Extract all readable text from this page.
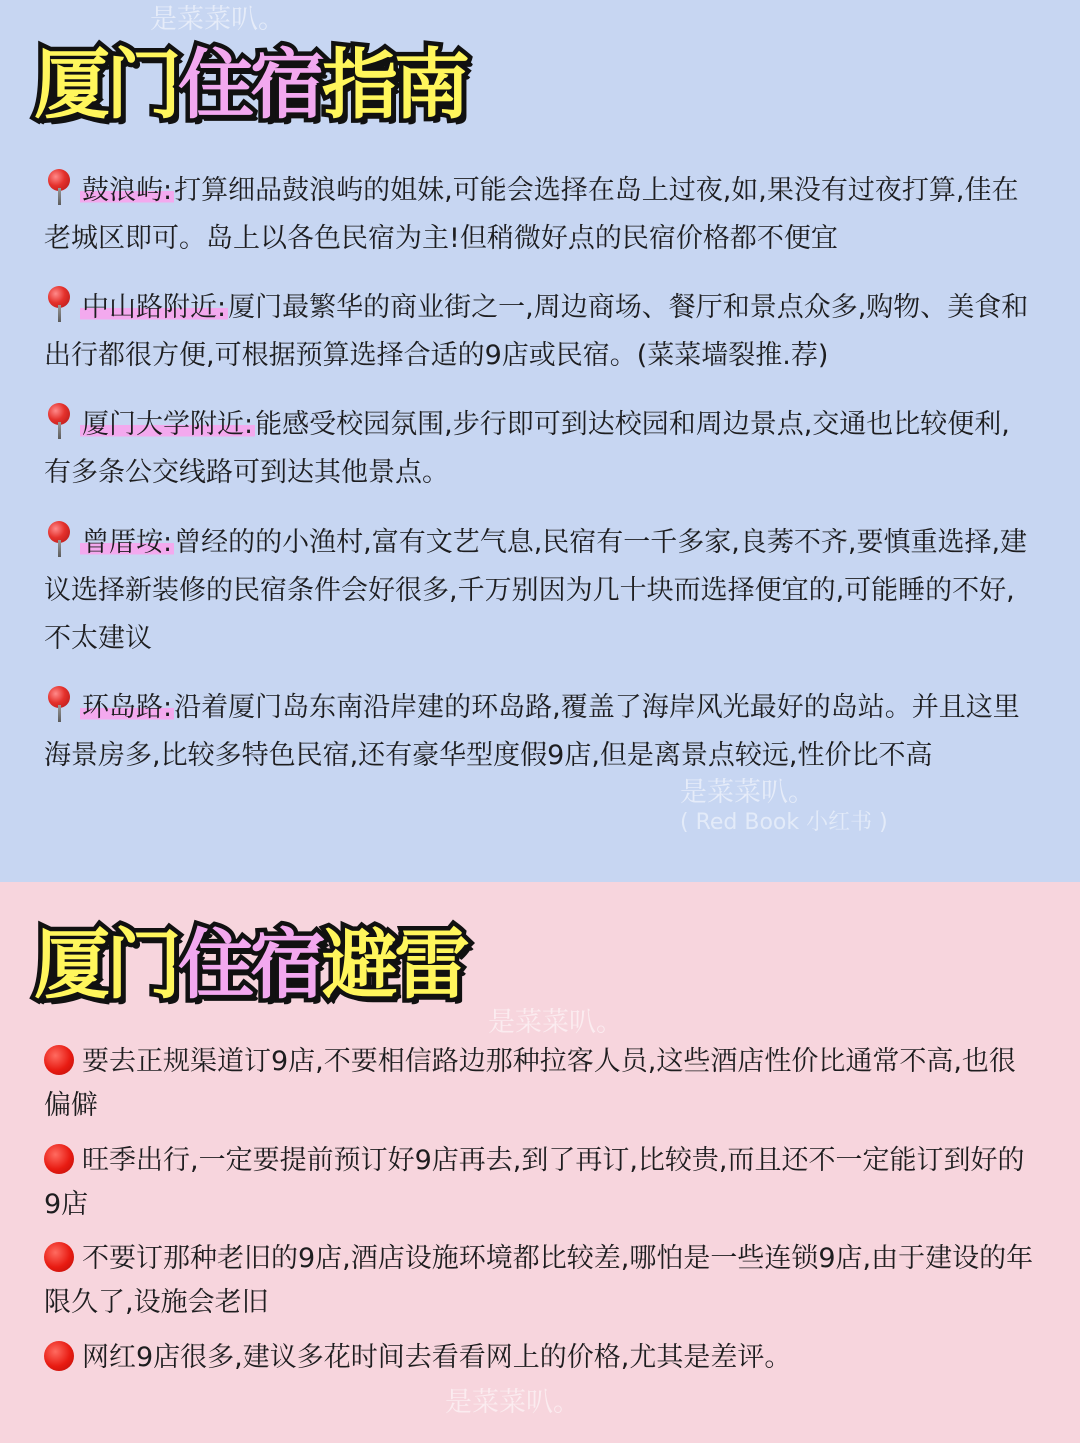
厦门住宿指南
鼓浪屿:打算细品鼓浪屿的姐妹,可能会选择在岛上过夜,如,果没有过夜打算,佳在老城区即可。岛上以各色民宿为主!但稍微好点的民宿价格都不便宜
中山路附近:厦门最繁华的商业街之一,周边商场、餐厅和景点众多,购物、美食和出行都很方便,可根据预算选择合适的9店或民宿。(菜菜墙裂推.荐)
厦门大学附近:能感受校园氛围,步行即可到达校园和周边景点,交通也比较便利,有多条公交线路可到达其他景点。
曾厝垵:曾经的的小渔村,富有文艺气息,民宿有一千多家,良莠不齐,要慎重选择,建议选择新装修的民宿条件会好很多,千万别因为几十块而选择便宜的,可能睡的不好,不太建议
环岛路:沿着厦门岛东南沿岸建的环岛路,覆盖了海岸风光最好的岛站。并且这里海景房多,比较多特色民宿,还有豪华型度假9店,但是离景点较远,性价比不高
厦门住宿避雷
要去正规渠道订9店,不要相信路边那种拉客人员,这些酒店性价比通常不高,也很偏僻
旺季出行,一定要提前预订好9店再去,到了再订,比较贵,而且还不一定能订到好的9店
不要订那种老旧的9店,酒店设施环境都比较差,哪怕是一些连锁9店,由于建设的年限久了,设施会老旧
网红9店很多,建议多花时间去看看网上的价格,尤其是差评。
是菜菜叭。
是菜菜叭。
( Red Book 小红书 )
是菜菜叭。
是菜菜叭。
